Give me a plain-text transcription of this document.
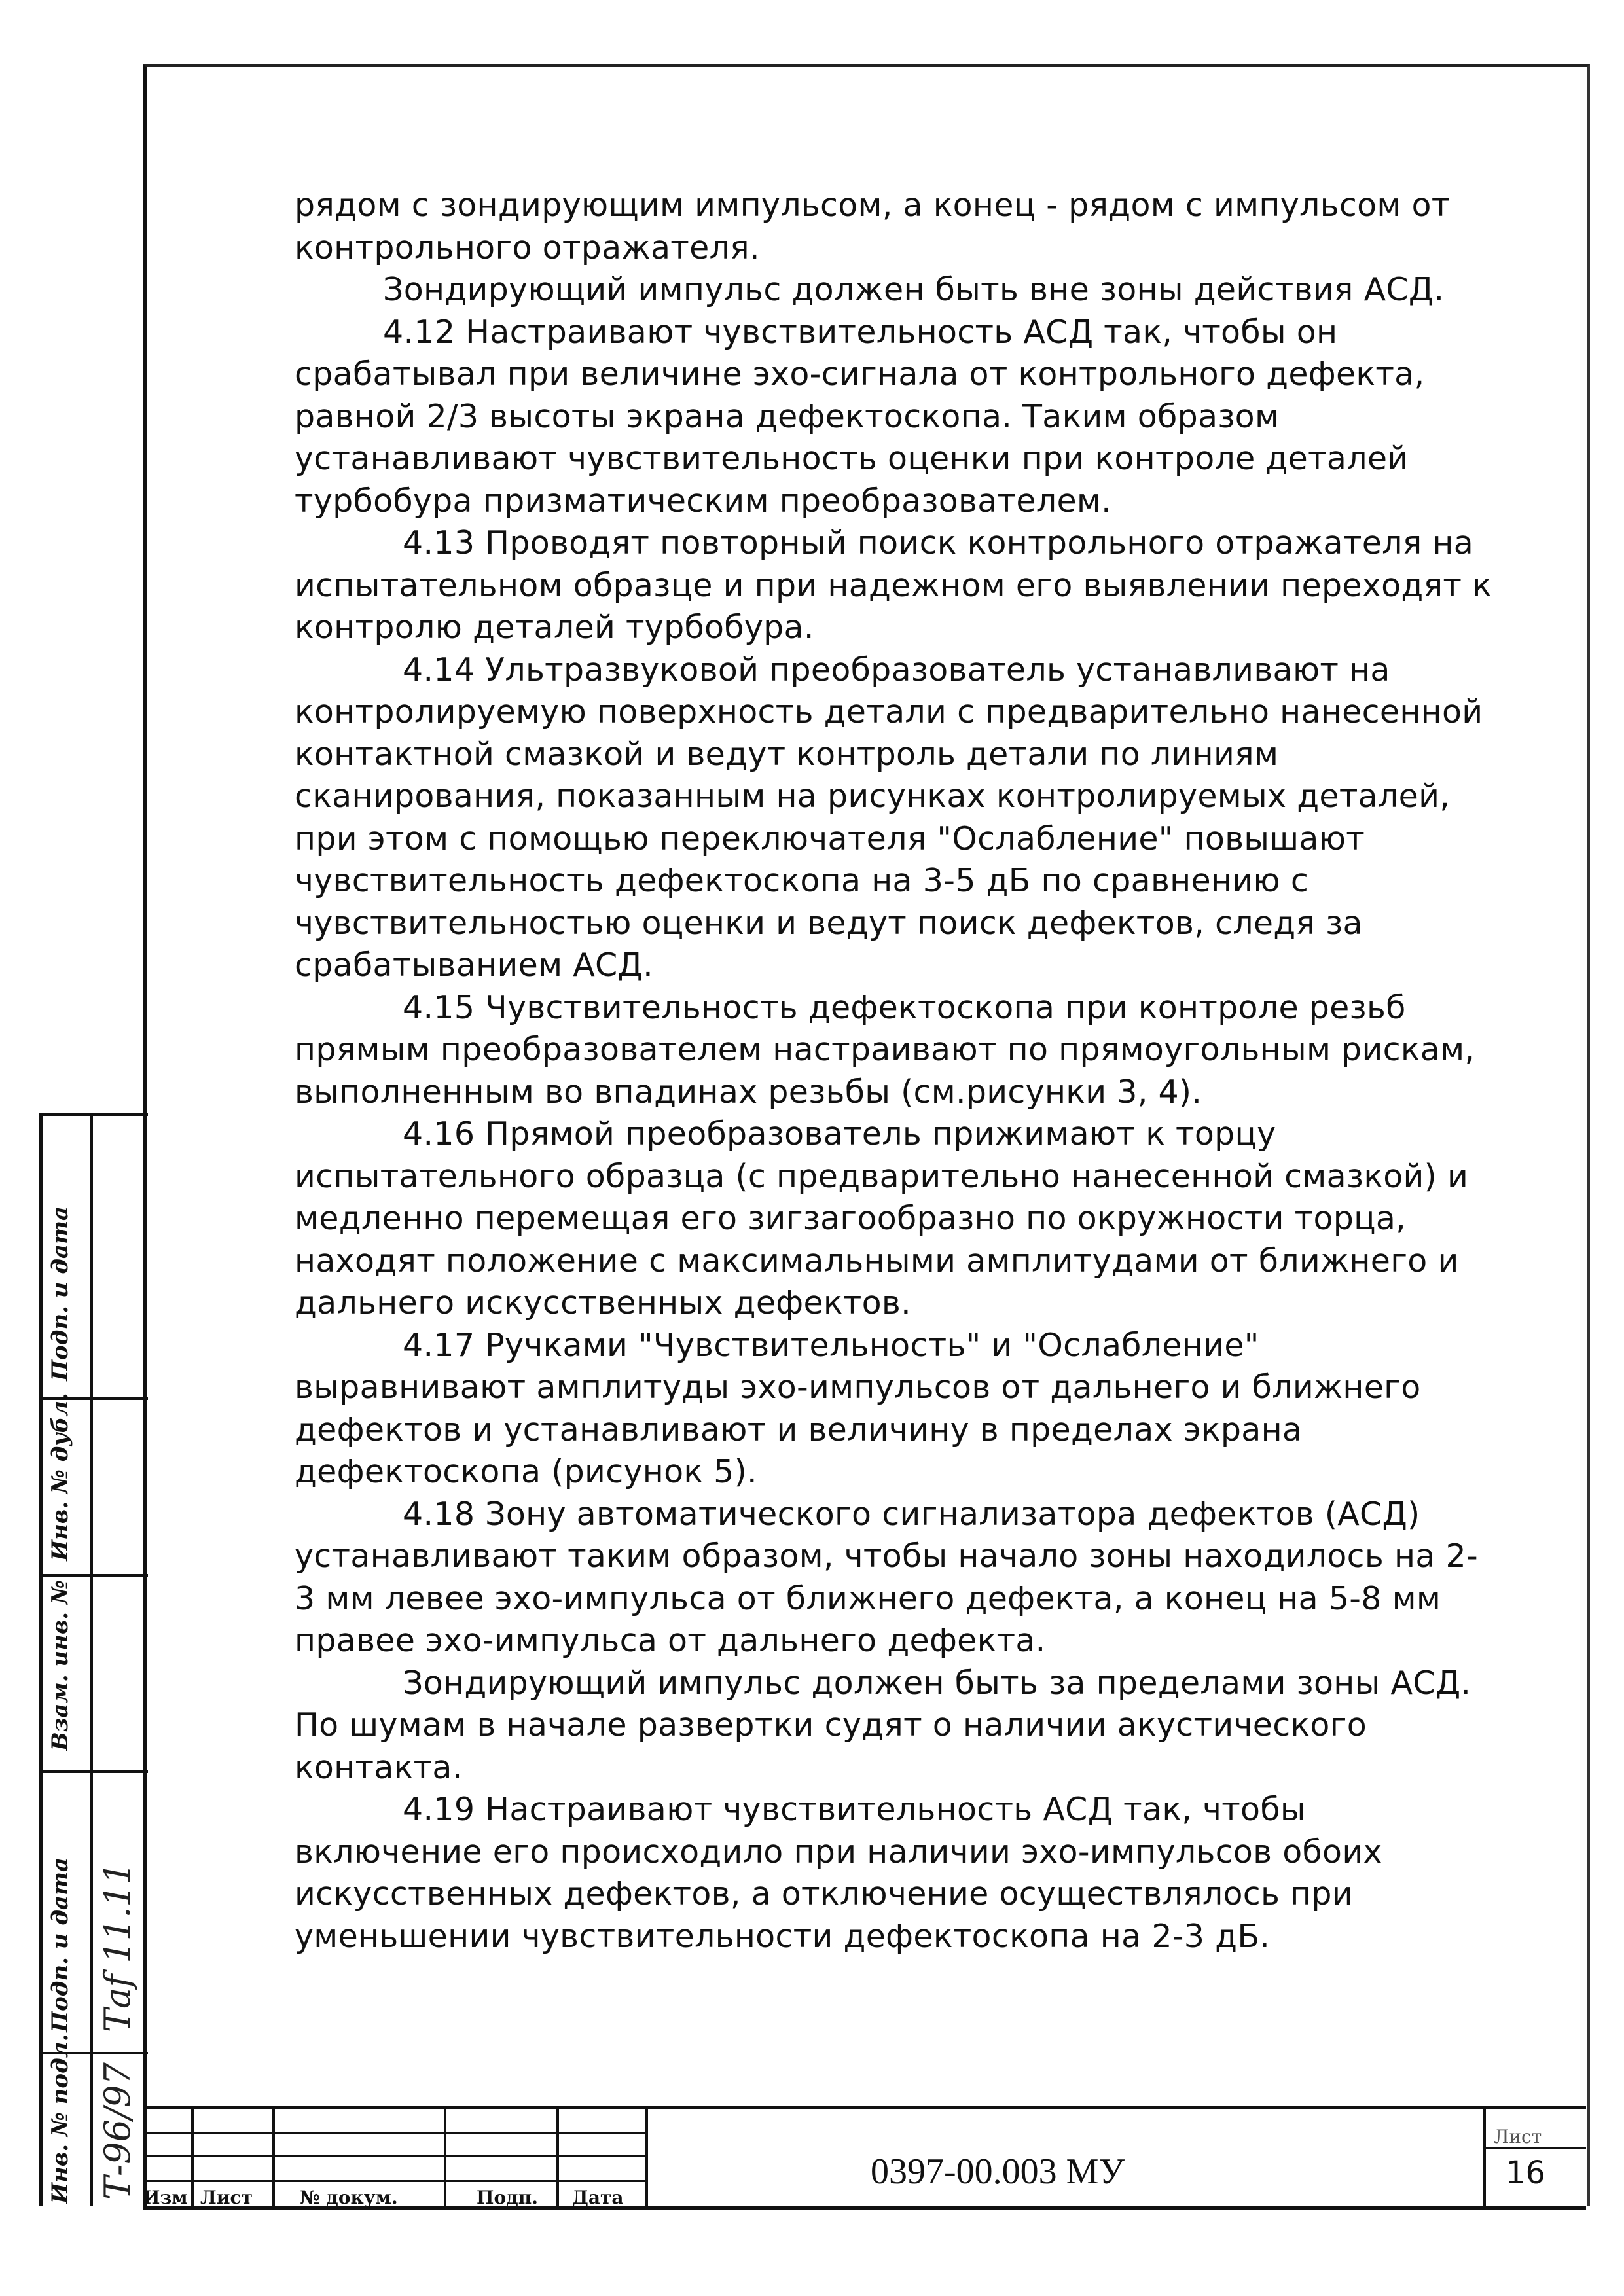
рядом с зондирующим импульсом, а конец - рядом с импульсом от контрольного отражателя.

Зондирующий импульс должен быть вне зоны действия АСД.

4.12 Настраивают чувствительность АСД так, чтобы он срабатывал при величине эхо-сигнала от контрольного дефекта, равной 2/3 высоты экрана дефектоскопа. Таким образом устанавливают чувствительность оценки при контроле деталей турбобура призматическим преобразователем.

4.13 Проводят повторный поиск контрольного отражателя на испытательном образце и при надежном его выявлении переходят к контролю деталей турбобура.

4.14 Ультразвуковой преобразователь устанавливают на контролируемую поверхность детали с предварительно нанесенной контактной смазкой и ведут контроль детали по линиям сканирования, показанным на рисунках контролируемых деталей, при этом с помощью переключателя "Ослабление" повышают чувствительность дефектоскопа на 3-5 дБ по сравнению с чувствительностью оценки и ведут поиск дефектов, следя за срабатыванием АСД.

4.15 Чувствительность дефектоскопа при контроле резьб прямым преобразователем настраивают по прямоугольным рискам, выполненным во впадинах резьбы (см.рисунки 3, 4).

4.16 Прямой преобразователь прижимают к торцу испытательного образца (с предварительно нанесенной смазкой) и медленно перемещая его зигзагообразно по окружности торца, находят положение с максимальными амплитудами от ближнего и дальнего искусственных дефектов.

4.17 Ручками "Чувствительность" и "Ослабление" выравнивают амплитуды эхо-импульсов от дальнего и ближнего дефектов и устанавливают и величину в пределах экрана дефектоскопа (рисунок 5).

4.18 Зону автоматического сигнализатора дефектов (АСД) устанавливают таким образом, чтобы начало зоны находилось на 2-3 мм левее эхо-импульса от ближнего дефекта, а конец на 5-8 мм правее эхо-импульса от дальнего дефекта.

Зондирующий импульс должен быть за пределами зоны АСД. По шумам в начале развертки судят о наличии акустического контакта.

4.19 Настраивают чувствительность АСД так, чтобы включение его происходило при наличии эхо-импульсов обоих искусственных дефектов, а отключение осуществлялось при уменьшении чувствительности дефектоскопа на 2-3 дБ.

Подп. и дата
Инв. № дубл.
Взам. инв. №
Подп. и дата Таf 11.11
Инв. № подл. Т-96/97 Изм Лист	№ докум.	Подп. Дата
0397-00.003 МУ
Лист
16
